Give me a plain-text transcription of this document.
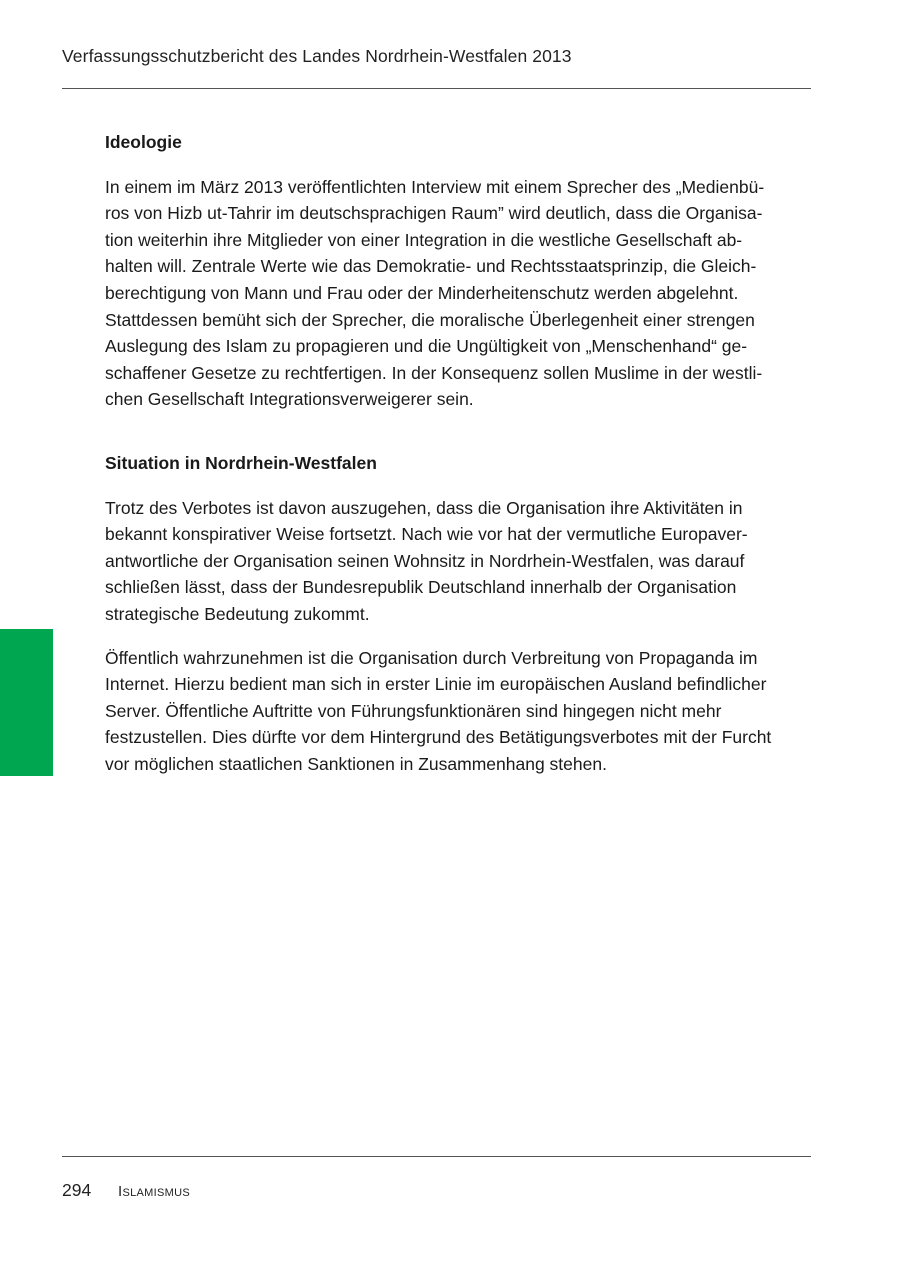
Verfassungsschutzbericht des Landes Nordrhein-Westfalen 2013
Ideologie

In einem im März 2013 veröffentlichten Interview mit einem Sprecher des „Medienbü-
ros von Hizb ut-Tahrir im deutschsprachigen Raum” wird deutlich, dass die Organisa-
tion weiterhin ihre Mitglieder von einer Integration in die westliche Gesellschaft ab-
halten will. Zentrale Werte wie das Demokratie- und Rechtsstaatsprinzip, die Gleich-
berechtigung von Mann und Frau oder der Minderheitenschutz werden abgelehnt.
Stattdessen bemüht sich der Sprecher, die moralische Überlegenheit einer strengen
Auslegung des Islam zu propagieren und die Ungültigkeit von „Menschenhand“ ge-
schaffener Gesetze zu rechtfertigen. In der Konsequenz sollen Muslime in der westli-
chen Gesellschaft Integrationsverweigerer sein.

Situation in Nordrhein-Westfalen

Trotz des Verbotes ist davon auszugehen, dass die Organisation ihre Aktivitäten in
bekannt konspirativer Weise fortsetzt. Nach wie vor hat der vermutliche Europaver-
antwortliche der Organisation seinen Wohnsitz in Nordrhein-Westfalen, was darauf
schließen lässt, dass der Bundesrepublik Deutschland innerhalb der Organisation
strategische Bedeutung zukommt.

Öffentlich wahrzunehmen ist die Organisation durch Verbreitung von Propaganda im
Internet. Hierzu bedient man sich in erster Linie im europäischen Ausland befindlicher
Server. Öffentliche Auftritte von Führungsfunktionären sind hingegen nicht mehr
festzustellen. Dies dürfte vor dem Hintergrund des Betätigungsverbotes mit der Furcht
vor möglichen staatlichen Sanktionen in Zusammenhang stehen.

294 Islamismus
